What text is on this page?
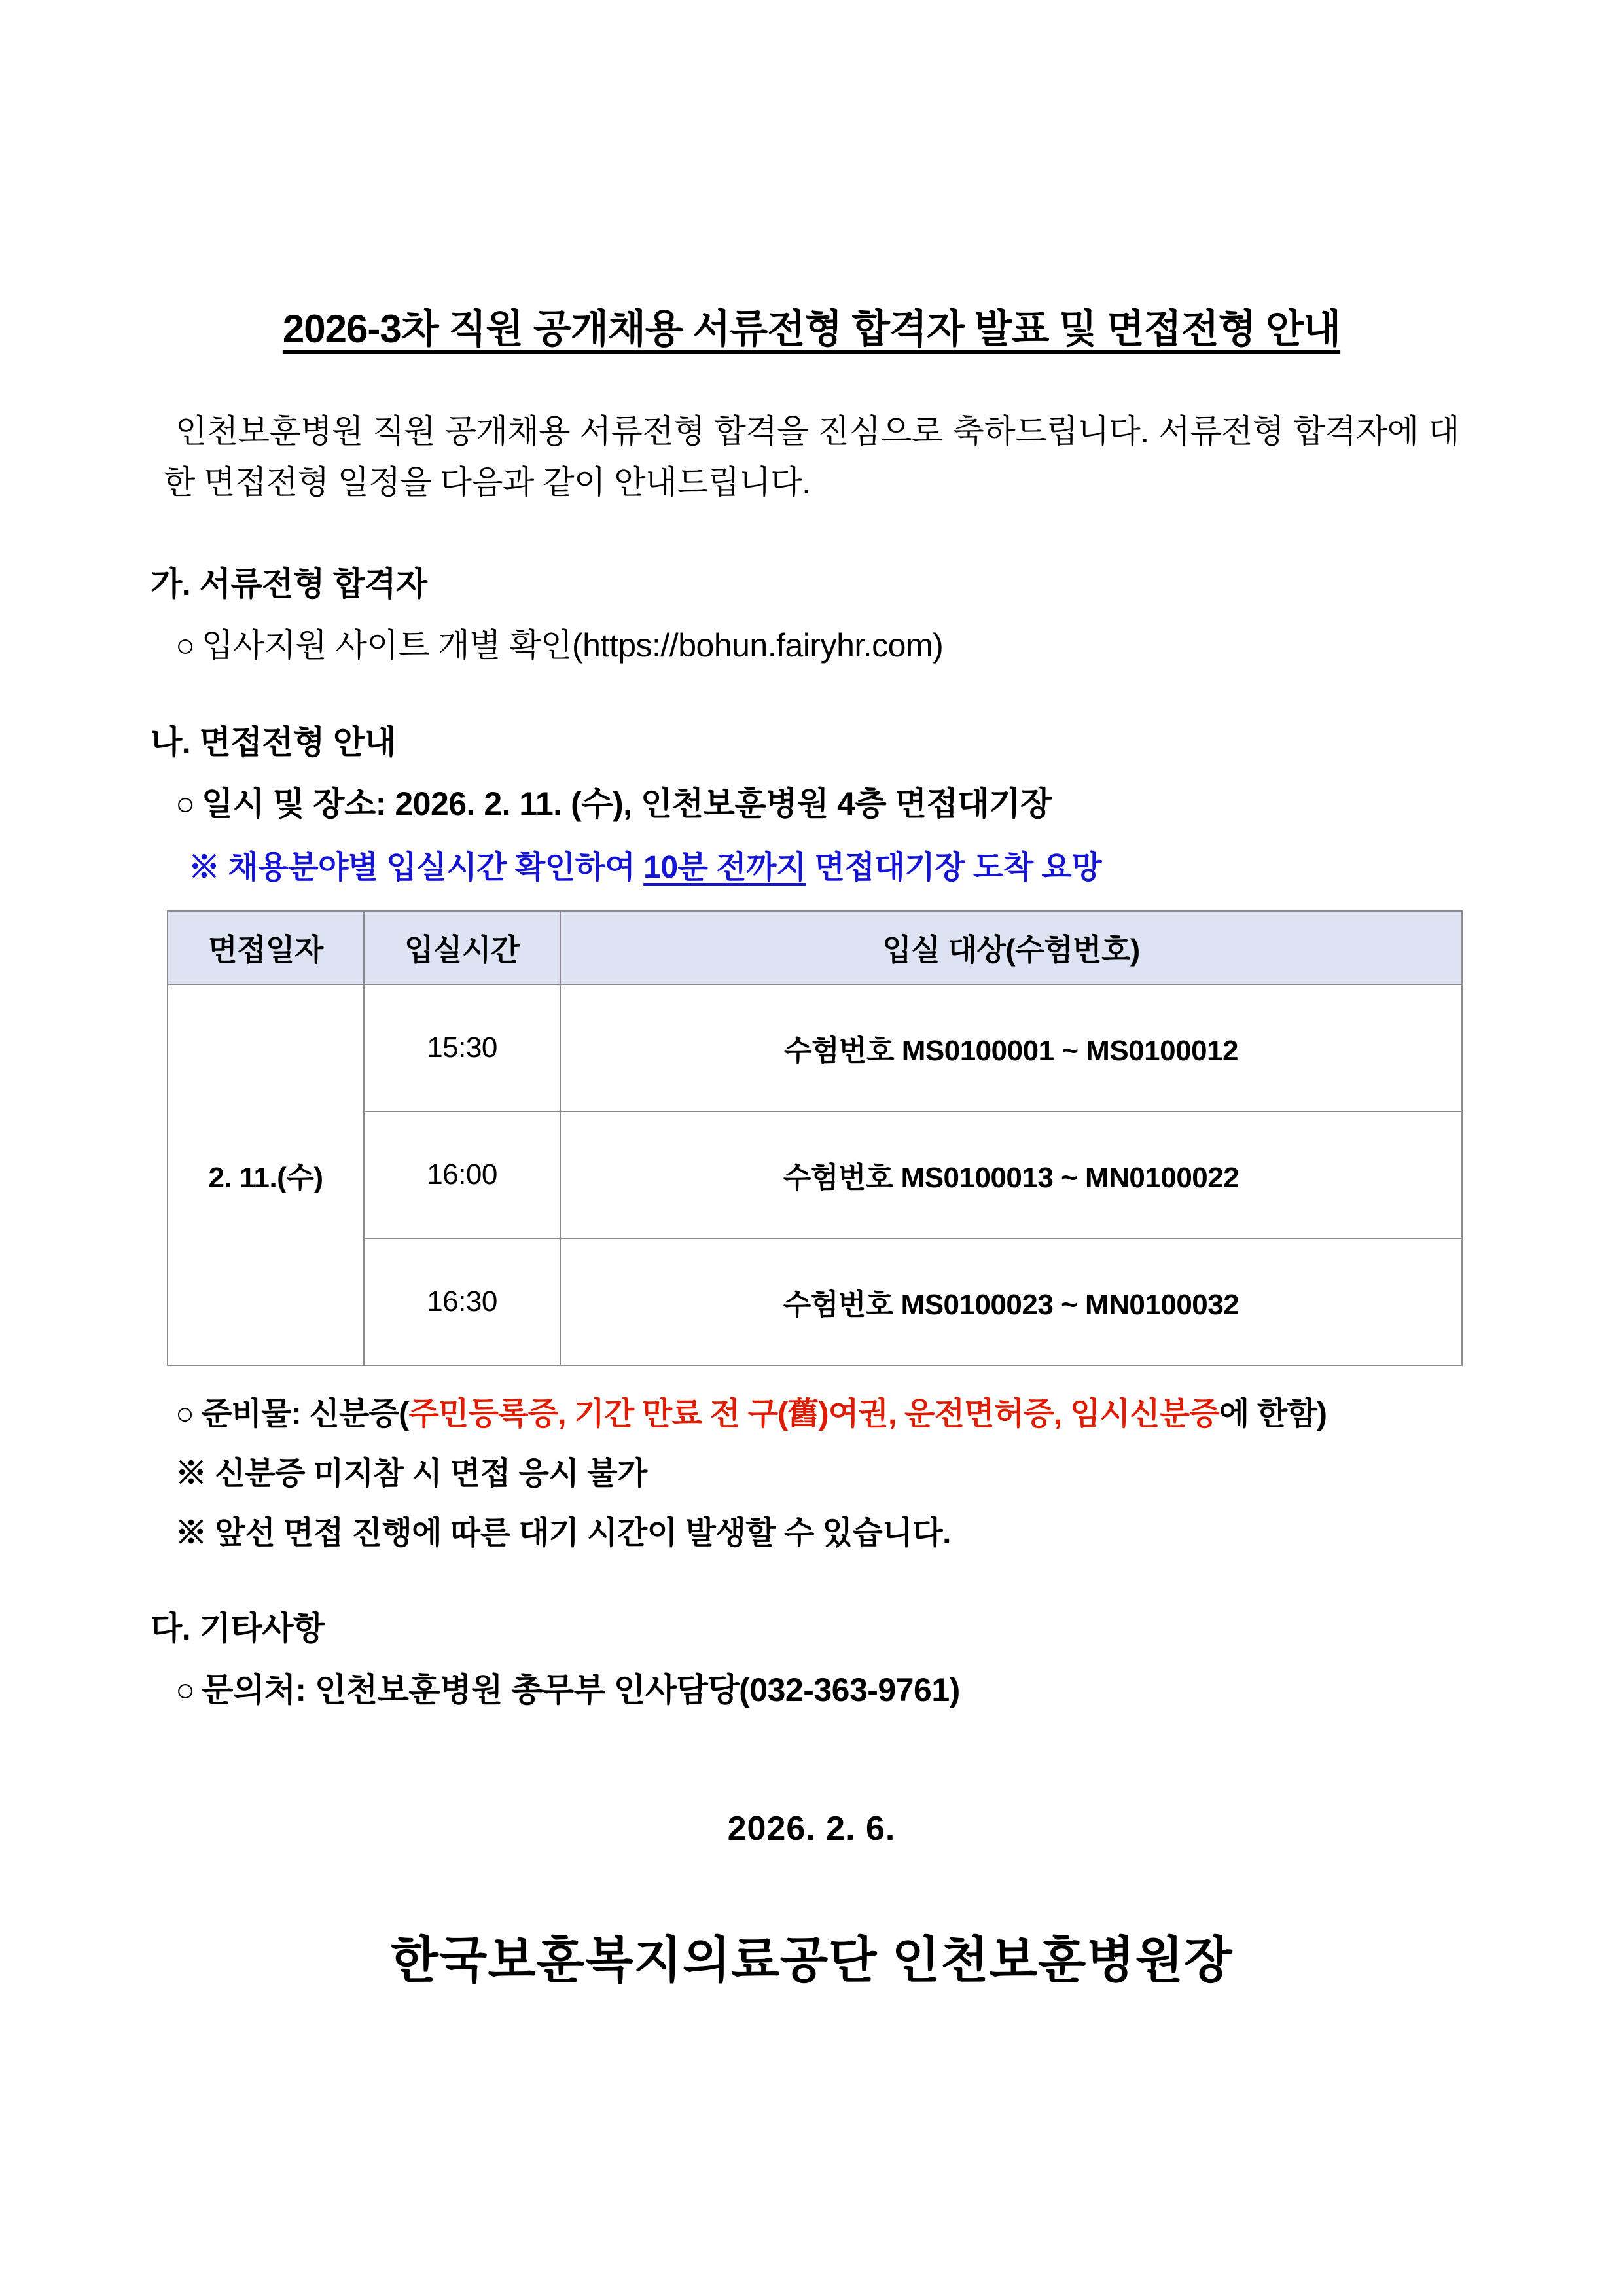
2026-3차 직원 공개채용 서류전형 합격자 발표 및 면접전형 안내
인천보훈병원 직원 공개채용 서류전형 합격을 진심으로 축하드립니다. 서류전형 합격자에 대한 면접전형 일정을 다음과 같이 안내드립니다.
가. 서류전형 합격자
○ 입사지원 사이트 개별 확인(https://bohun.fairyhr.com)
나. 면접전형 안내
○ 일시 및 장소: 2026. 2. 11. (수), 인천보훈병원 4층 면접대기장
※ 채용분야별 입실시간 확인하여 10분 전까지 면접대기장 도착 요망
면접일자	입실시간	입실 대상(수험번호)
2. 11.(수)	15:30	수험번호 MS0100001 ~ MS0100012
	16:00	수험번호 MS0100013 ~ MN0100022
	16:30	수험번호 MS0100023 ~ MN0100032
○ 준비물: 신분증(주민등록증, 기간 만료 전 구(舊)여권, 운전면허증, 임시신분증에 한함)
※ 신분증 미지참 시 면접 응시 불가
※ 앞선 면접 진행에 따른 대기 시간이 발생할 수 있습니다.
다. 기타사항
○ 문의처: 인천보훈병원 총무부 인사담당(032-363-9761)
2026. 2. 6.
한국보훈복지의료공단 인천보훈병원장
